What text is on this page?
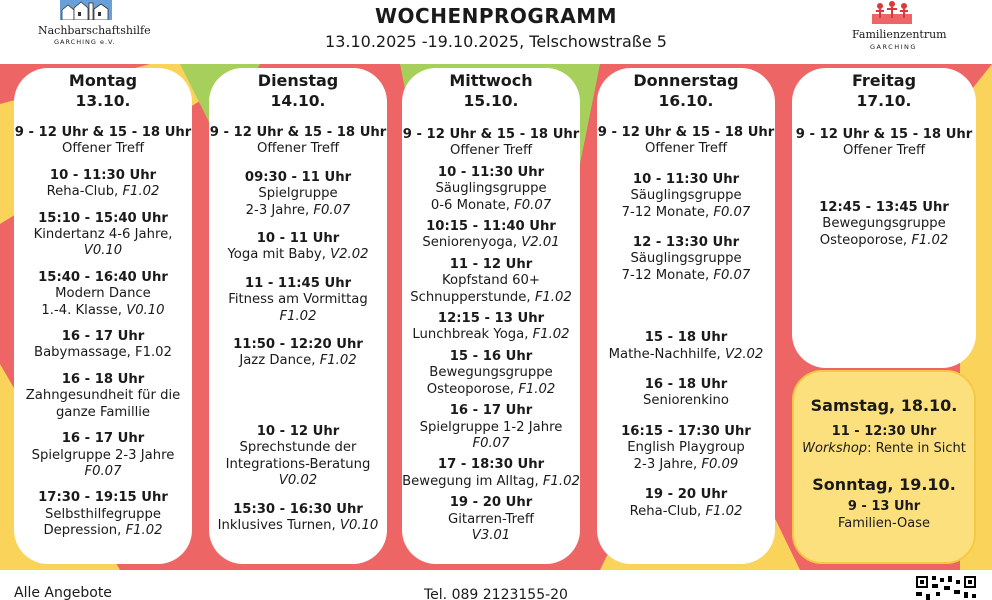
Nachbarschaftshilfe
GARCHING e.V.
WOCHENPROGRAMM
13.10.2025 -19.10.2025, Telschowstraße 5	Familienzentrum
GARCHING
Montag
13.10.
9 - 12 Uhr & 15 - 18 Uhr
Offener Treff
10 - 11:30 Uhr
Reha-Club, F1.02
15:10 - 15:40 Uhr
Kindertanz 4-6 Jahre,
V0.10
15:40 - 16:40 Uhr
Modern Dance
1.-4. Klasse, V0.10
16 - 17 Uhr
Babymassage, F1.02
16 - 18 Uhr
Zahngesundheit für die
ganze Famillie
16 - 17 Uhr
Spielgruppe 2-3 Jahre
F0.07
17:30 - 19:15 Uhr
Selbsthilfegruppe
Depression, F1.02
Dienstag
14.10.
9 - 12 Uhr & 15 - 18 Uhr
Offener Treff
09:30 - 11 Uhr
Spielgruppe
2-3 Jahre, F0.07
10 - 11 Uhr
Yoga mit Baby, V2.02
11 - 11:45 Uhr
Fitness am Vormittag
F1.02
11:50 - 12:20 Uhr
Jazz Dance, F1.02
10 - 12 Uhr
Sprechstunde der
Integrations-Beratung
V0.02
15:30 - 16:30 Uhr
Inklusives Turnen, V0.10
Mittwoch
15.10.
9 - 12 Uhr & 15 - 18 Uhr
Offener Treff
10 - 11:30 Uhr
Säuglingsgruppe
0-6 Monate, F0.07
10:15 - 11:40 Uhr
Seniorenyoga, V2.01
11 - 12 Uhr
Kopfstand 60+
Schnupperstunde, F1.02
12:15 - 13 Uhr
Lunchbreak Yoga, F1.02
15 - 16 Uhr
Bewegungsgruppe
Osteoporose, F1.02
16 - 17 Uhr
Spielgruppe 1-2 Jahre
F0.07
17 - 18:30 Uhr
Bewegung im Alltag, F1.02
19 - 20 Uhr
Gitarren-Treff
V3.01
Donnerstag
16.10.
9 - 12 Uhr & 15 - 18 Uhr
Offener Treff
10 - 11:30 Uhr
Säuglingsgruppe
7-12 Monate, F0.07
12 - 13:30 Uhr
Säuglingsgruppe
7-12 Monate, F0.07
15 - 18 Uhr
Mathe-Nachhilfe, V2.02
16 - 18 Uhr
Seniorenkino
16:15 - 17:30 Uhr
English Playgroup
2-3 Jahre, F0.09
19 - 20 Uhr
Reha-Club, F1.02
Freitag
17.10.
9 - 12 Uhr & 15 - 18 Uhr
Offener Treff
12:45 - 13:45 Uhr
Bewegungsgruppe
Osteoporose, F1.02
Samstag, 18.10.
11 - 12:30 Uhr
Workshop: Rente in Sicht
Sonntag, 19.10.
9 - 13 Uhr
Familien-Oase
Alle Angebote	Tel. 089 2123155-20
